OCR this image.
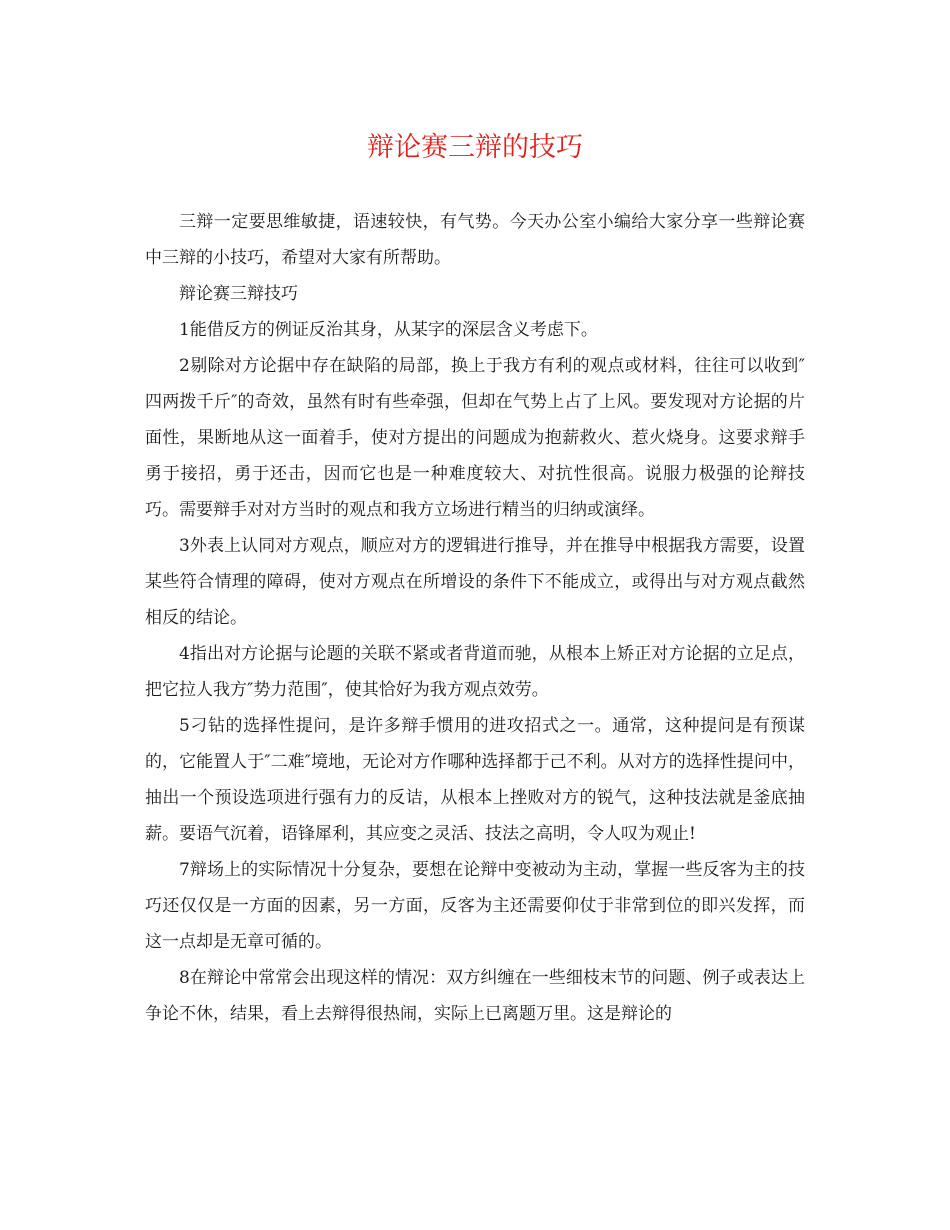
辩论赛三辩的技巧

三辩一定要思维敏捷，语速较快，有气势。今天办公室小编给大家分享一些辩论赛中三辩的小技巧，希望对大家有所帮助。

辩论赛三辩技巧

1能借反方的例证反治其身，从某字的深层含义考虑下。

2剔除对方论据中存在缺陷的局部，换上于我方有利的观点或材料，往往可以收到″四两拨千斤″的奇效，虽然有时有些牵强，但却在气势上占了上风。要发现对方论据的片面性，果断地从这一面着手，使对方提出的问题成为抱薪救火、惹火烧身。这要求辩手勇于接招，勇于还击，因而它也是一种难度较大、对抗性很高。说服力极强的论辩技巧。需要辩手对对方当时的观点和我方立场进行精当的归纳或演绎。

3外表上认同对方观点，顺应对方的逻辑进行推导，并在推导中根据我方需要，设置某些符合情理的障碍，使对方观点在所增设的条件下不能成立，或得出与对方观点截然相反的结论。

4指出对方论据与论题的关联不紧或者背道而驰，从根本上矫正对方论据的立足点，把它拉人我方″势力范围″，使其恰好为我方观点效劳。

5刁钻的选择性提问，是许多辩手惯用的进攻招式之一。通常，这种提问是有预谋的，它能置人于″二难″境地，无论对方作哪种选择都于己不利。从对方的选择性提问中，抽出一个预设选项进行强有力的反诘，从根本上挫败对方的锐气，这种技法就是釜底抽薪。要语气沉着，语锋犀利，其应变之灵活、技法之高明，令人叹为观止!

7辩场上的实际情况十分复杂，要想在论辩中变被动为主动，掌握一些反客为主的技巧还仅仅是一方面的因素，另一方面，反客为主还需要仰仗于非常到位的即兴发挥，而这一点却是无章可循的。

8在辩论中常常会出现这样的情况：双方纠缠在一些细枝末节的问题、例子或表达上争论不休，结果，看上去辩得很热闹，实际上已离题万里。这是辩论的
